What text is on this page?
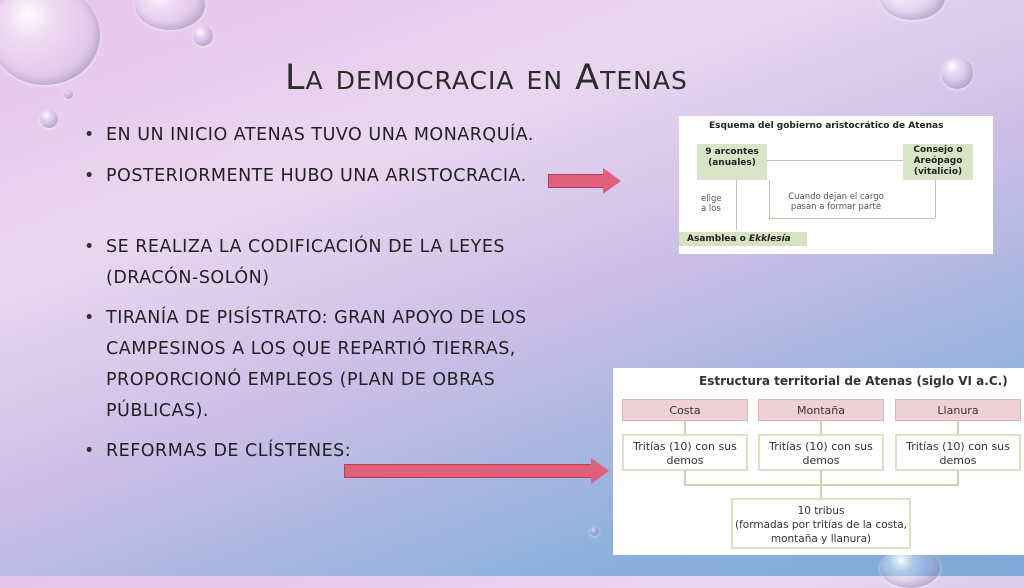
La democracia en Atenas
• EN UN INICIO ATENAS TUVO UNA MONARQUÍA.
• POSTERIORMENTE HUBO UNA ARISTOCRACIA.
• SE REALIZA LA CODIFICACIÓN DE LA LEYES (DRACÓN-SOLÓN)
• TIRANÍA DE PISÍSTRATO: GRAN APOYO DE LOS CAMPESINOS A LOS QUE REPARTIÓ TIERRAS, PROPORCIONÓ EMPLEOS (PLAN DE OBRAS PÚBLICAS).
• REFORMAS DE CLÍSTENES:
Esquema del gobierno aristocrático de Atenas
9 arcontes
(anuales)
Consejo o
Areópago
(vitalicio)
elige
a los
Cuando dejan el cargo
pasan a formar parte
Asamblea o Ekklesía
Estructura territorial de Atenas (siglo VI a.C.)
Costa	Montaña	Llanura
Tritías (10) con sus
demos
Tritías (10) con sus
demos
Tritías (10) con sus
demos
10 tribus
(formadas por tritías de la costa,
montaña y llanura)
